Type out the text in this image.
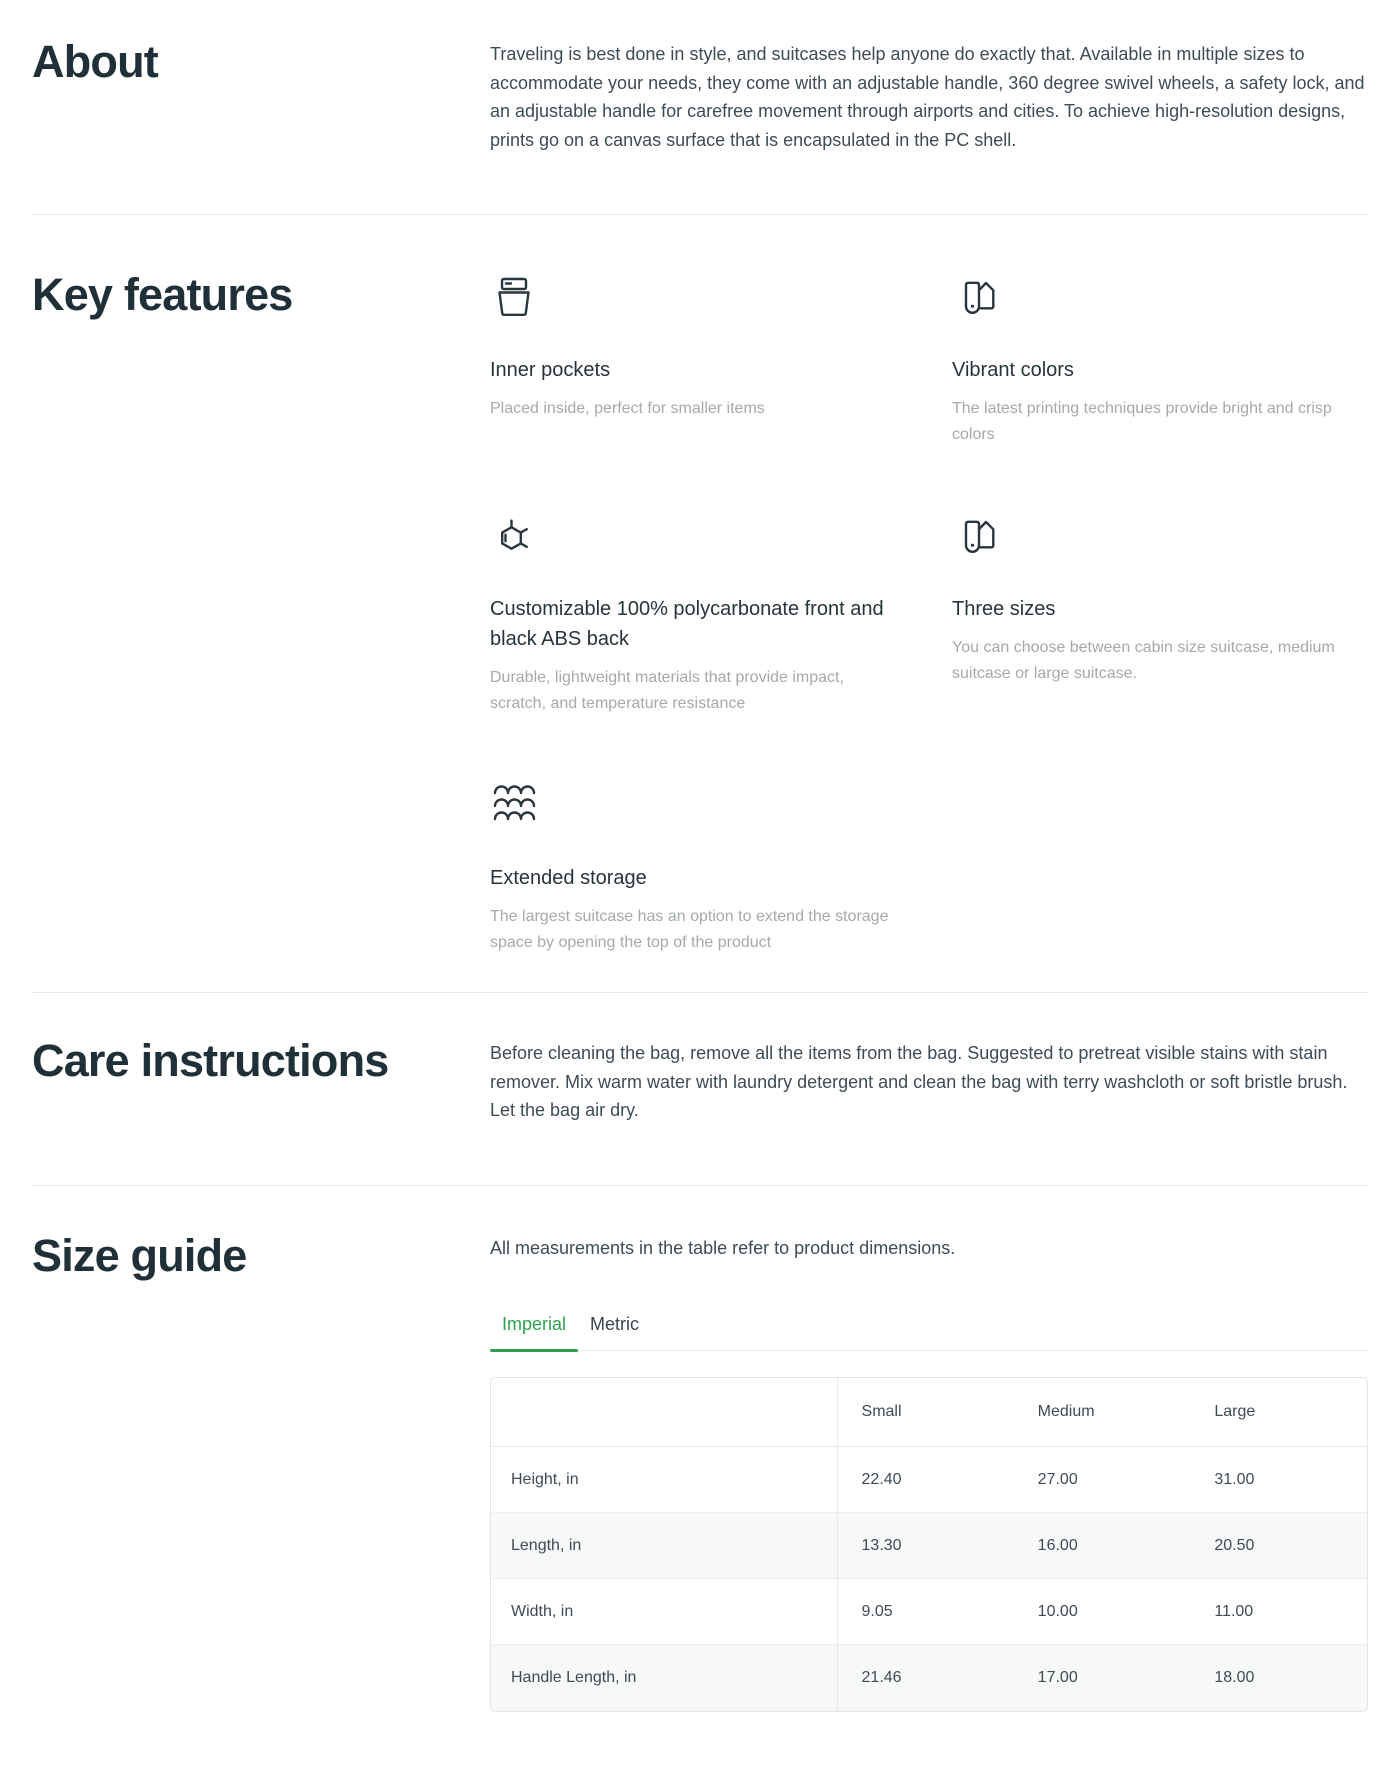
About	Traveling is best done in style, and suitcases help anyone do exactly that. Available in multiple sizes to accommodate your needs, they come with an adjustable handle, 360 degree swivel wheels, a safety lock, and an adjustable handle for carefree movement through airports and cities. To achieve high-resolution designs, prints go on a canvas surface that is encapsulated in the PC shell.

Key features

Inner pockets

Placed inside, perfect for smaller items

Vibrant colors

The latest printing techniques provide bright and crisp colors

Customizable 100% polycarbonate front and black ABS back

Durable, lightweight materials that provide impact, scratch, and temperature resistance

Three sizes

You can choose between cabin size suitcase, medium suitcase or large suitcase.

Extended storage

The largest suitcase has an option to extend the storage space by opening the top of the product

Care instructions	Before cleaning the bag, remove all the items from the bag. Suggested to pretreat visible stains with stain remover. Mix warm water with laundry detergent and clean the bag with terry washcloth or soft bristle brush. Let the bag air dry.

Size guide	All measurements in the table refer to product dimensions.

Imperial	Metric
	Small	Medium	Large
Height, in	22.40	27.00	31.00
Length, in	13.30	16.00	20.50
Width, in	9.05	10.00	11.00
Handle Length, in	21.46	17.00	18.00
